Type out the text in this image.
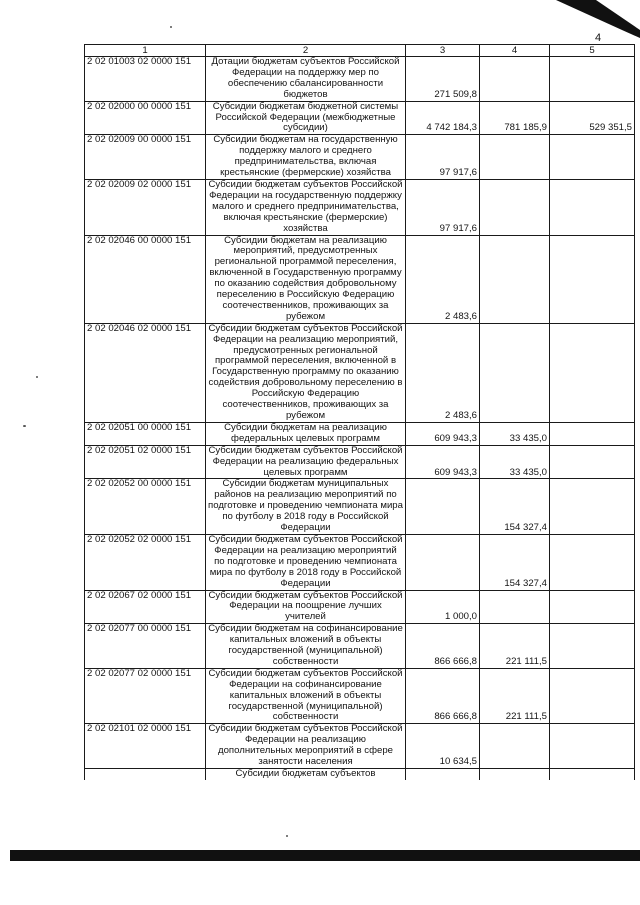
4
1	2	3	4	5
2 02 01003 02 0000 151	Дотации бюджетам субъектов Российской Федерации на поддержку мер по обеспечению сбалансированности бюджетов	271 509,8		
2 02 02000 00 0000 151	Субсидии бюджетам бюджетной системы Российской Федерации (межбюджетные субсидии)	4 742 184,3	781 185,9	529 351,5
2 02 02009 00 0000 151	Субсидии бюджетам на государственную поддержку малого и среднего предпринимательства, включая крестьянские (фермерские) хозяйства	97 917,6		
2 02 02009 02 0000 151	Субсидии бюджетам субъектов Российской Федерации на государственную поддержку малого и среднего предпринимательства, включая крестьянские (фермерские) хозяйства	97 917,6		
2 02 02046 00 0000 151	Субсидии бюджетам на реализацию мероприятий, предусмотренных региональной программой переселения, включенной в Государственную программу по оказанию содействия добровольному переселению в Российскую Федерацию соотечественников, проживающих за рубежом	2 483,6		
2 02 02046 02 0000 151	Субсидии бюджетам субъектов Российской Федерации на реализацию мероприятий, предусмотренных региональной программой переселения, включенной в Государственную программу по оказанию содействия добровольному переселению в Российскую Федерацию соотечественников, проживающих за рубежом	2 483,6		
2 02 02051 00 0000 151	Субсидии бюджетам на реализацию федеральных целевых программ	609 943,3	33 435,0	
2 02 02051 02 0000 151	Субсидии бюджетам субъектов Российской Федерации на реализацию федеральных целевых программ	609 943,3	33 435,0	
2 02 02052 00 0000 151	Субсидии бюджетам муниципальных районов на реализацию мероприятий по подготовке и проведению чемпионата мира по футболу в 2018 году в Российской Федерации		154 327,4	
2 02 02052 02 0000 151	Субсидии бюджетам субъектов Российской Федерации на реализацию мероприятий по подготовке и проведению чемпионата мира по футболу в 2018 году в Российской Федерации		154 327,4	
2 02 02067 02 0000 151	Субсидии бюджетам субъектов Российской Федерации на поощрение лучших учителей	1 000,0		
2 02 02077 00 0000 151	Субсидии бюджетам на софинансирование капитальных вложений в объекты государственной (муниципальной) собственности	866 666,8	221 111,5	
2 02 02077 02 0000 151	Субсидии бюджетам субъектов Российской Федерации на софинансирование капитальных вложений в объекты государственной (муниципальной) собственности	866 666,8	221 111,5	
2 02 02101 02 0000 151	Субсидии бюджетам субъектов Российской Федерации на реализацию дополнительных мероприятий в сфере занятости населения	10 634,5		
	Субсидии бюджетам субъектов			
